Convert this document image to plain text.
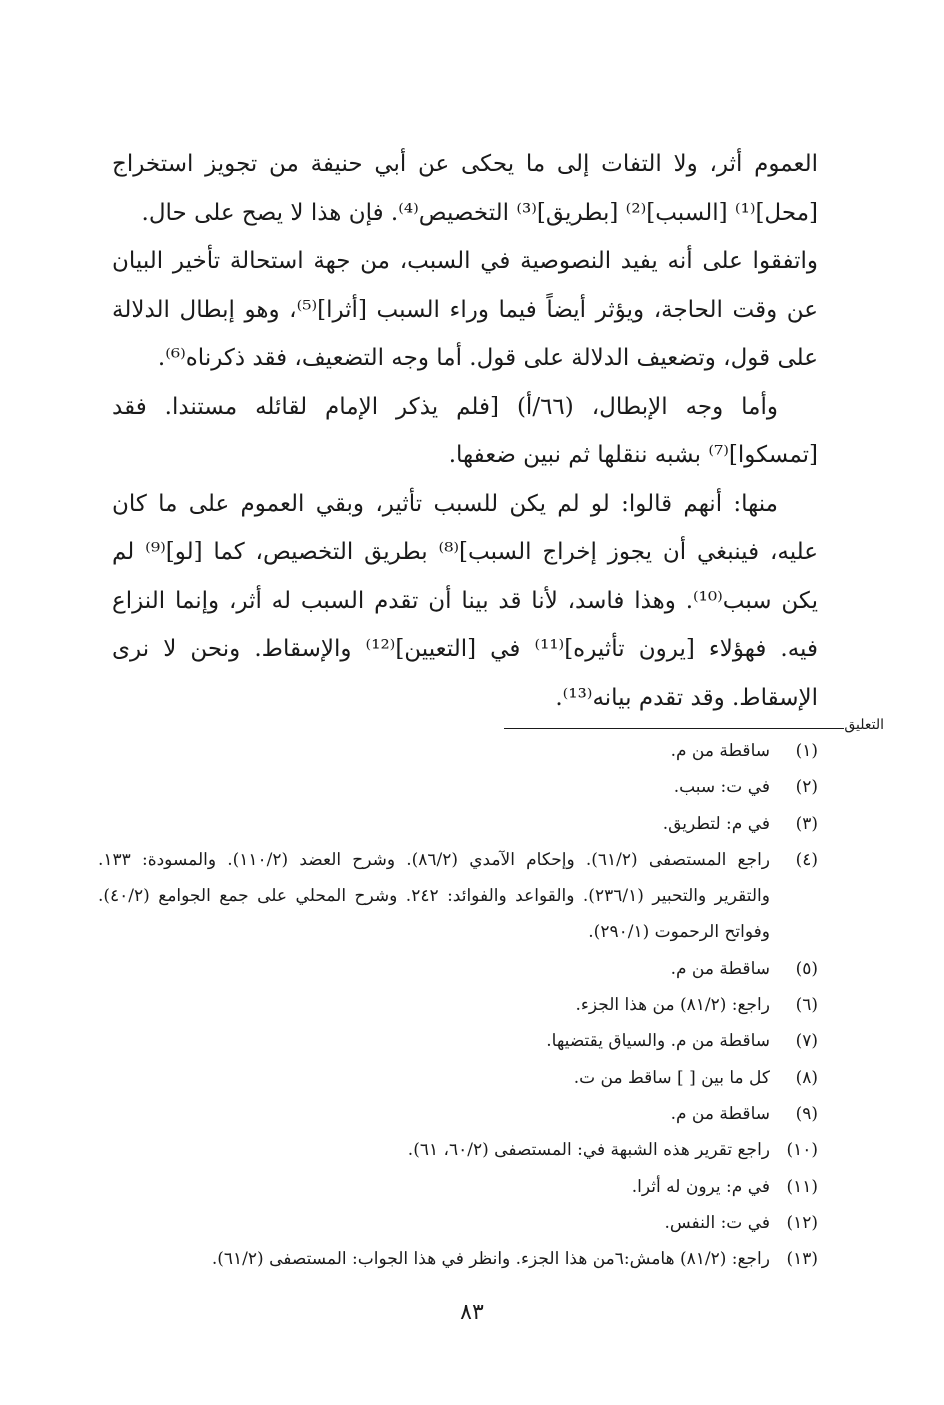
العموم أثر، ولا التفات إلى ما يحكى عن أبي حنيفة من تجويز استخراج [محل]⁽¹⁾ [السبب]⁽²⁾ [بطريق]⁽³⁾ التخصيص⁽⁴⁾. فإن هذا لا يصح على حال.

واتفقوا على أنه يفيد النصوصية في السبب، من جهة استحالة تأخير البيان عن وقت الحاجة، ويؤثر أيضاً فيما وراء السبب [أثرا]⁽⁵⁾، وهو إبطال الدلالة على قول، وتضعيف الدلالة على قول. أما وجه التضعيف، فقد ذكرناه⁽⁶⁾.

وأما وجه الإبطال، (٦٦/أ) [فلم يذكر الإمام لقائله مستندا. فقد [تمسكوا]⁽⁷⁾ بشبه ننقلها ثم نبين ضعفها.

منها: أنهم قالوا: لو لم يكن للسبب تأثير، وبقي العموم على ما كان عليه، فينبغي أن يجوز إخراج السبب]⁽⁸⁾ بطريق التخصيص، كما [لو]⁽⁹⁾ لم يكن سبب⁽¹⁰⁾. وهذا فاسد، لأنا قد بينا أن تقدم السبب له أثر، وإنما النزاع فيه. فهؤلاء [يرون تأثيره]⁽¹¹⁾ في [التعيين]⁽¹²⁾ والإسقاط. ونحن لا نرى الإسقاط. وقد تقدم بيانه⁽¹³⁾.

التعليق
(١)
ساقطة من م.
(٢)
في ت: سبب.
(٣)
في م: لتطريق.
(٤)
راجع المستصفى (٦١/٢). وإحكام الآمدي (٨٦/٢). وشرح العضد (١١٠/٢). والمسودة: ١٣٣. والتقرير والتحبير (٢٣٦/١). والقواعد والفوائد: ٢٤٢. وشرح المحلي على جمع الجوامع (٤٠/٢). وفواتح الرحموت (٢٩٠/١).
(٥)
ساقطة من م.
(٦)
راجع: (٨١/٢) من هذا الجزء.
(٧)
ساقطة من م. والسياق يقتضيها.
(٨)
كل ما بين [ ] ساقط من ت.
(٩)
ساقطة من م.
(١٠)
راجع تقرير هذه الشبهة في: المستصفى (٦٠/٢، ٦١).
(١١)
في م: يرون له أثرا.
(١٢)
في ت: النفس.
(١٣)
راجع: (٨١/٢) هامش:٦من هذا الجزء. وانظر في هذا الجواب: المستصفى (٦١/٢).
٨٣
